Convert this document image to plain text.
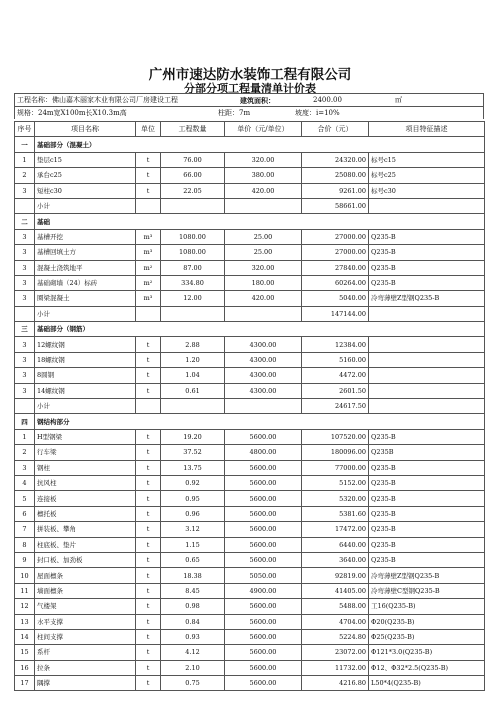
广州市速达防水装饰工程有限公司
分部分项工程量清单计价表
工程名称： 佛山嘉木丽家木业有限公司厂房建设工程	建筑面积：	2400.00	㎡
规格：24m宽X100m长X10.3m高	柱距：7m	坡度：i=10%
序号	项目名称	单位	工程数量	单价（元/单位）	合价（元）	项目特征描述
一	基础部分（混凝土）					
1	垫层c15	t	76.00	320.00	24320.00	标号c15
2	承台c25	t	66.00	380.00	25080.00	标号c25
3	短柱c30	t	22.05	420.00	9261.00	标号c30
	小计				58661.00	
二	基础					
3	基槽开挖	m³	1080.00	25.00	27000.00	Q235-B
3	基槽回填土方	m³	1080.00	25.00	27000.00	Q235-B
3	混凝土浇筑地平	m²	87.00	320.00	27840.00	Q235-B
3	基础砌墙（24）标砖	m²	334.80	180.00	60264.00	Q235-B
3	圈梁混凝土	m³	12.00	420.00	5040.00	冷弯薄壁Z型钢Q235-B
	小计				147144.00	
三	基础部分（钢筋）					
3	12螺纹钢	t	2.88	4300.00	12384.00	
3	18螺纹钢	t	1.20	4300.00	5160.00	
3	8圆钢	t	1.04	4300.00	4472.00	
3	14螺纹钢	t	0.61	4300.00	2601.50	
	小计				24617.50	
四	钢结构部分					
1	H型钢梁	t	19.20	5600.00	107520.00	Q235-B
2	行车梁	t	37.52	4800.00	180096.00	Q235B
3	钢柱	t	13.75	5600.00	77000.00	Q235-B
4	抗风柱	t	0.92	5600.00	5152.00	Q235-B
5	连接板	t	0.95	5600.00	5320.00	Q235-B
6	檩托板	t	0.96	5600.00	5381.60	Q235-B
7	拼装板、攀角	t	3.12	5600.00	17472.00	Q235-B
8	柱底板、垫片	t	1.15	5600.00	6440.00	Q235-B
9	封口板、加劲板	t	0.65	5600.00	3640.00	Q235-B
10	屋面檩条	t	18.38	5050.00	92819.00	冷弯薄壁Z型钢Q235-B
11	墙面檩条	t	8.45	4900.00	41405.00	冷弯薄壁C型钢Q235-B
12	气楼架	t	0.98	5600.00	5488.00	工16(Q235-B)
13	水平支撑	t	0.84	5600.00	4704.00	Φ20(Q235-B)
14	柱间支撑	t	0.93	5600.00	5224.80	Φ25(Q235-B)
15	系杆	t	4.12	5600.00	23072.00	Φ121*3.0(Q235-B)
16	拉条	t	2.10	5600.00	11732.00	Φ12、Φ32*2.5(Q235-B)
17	隅撑	t	0.75	5600.00	4216.80	L50*4(Q235-B)
